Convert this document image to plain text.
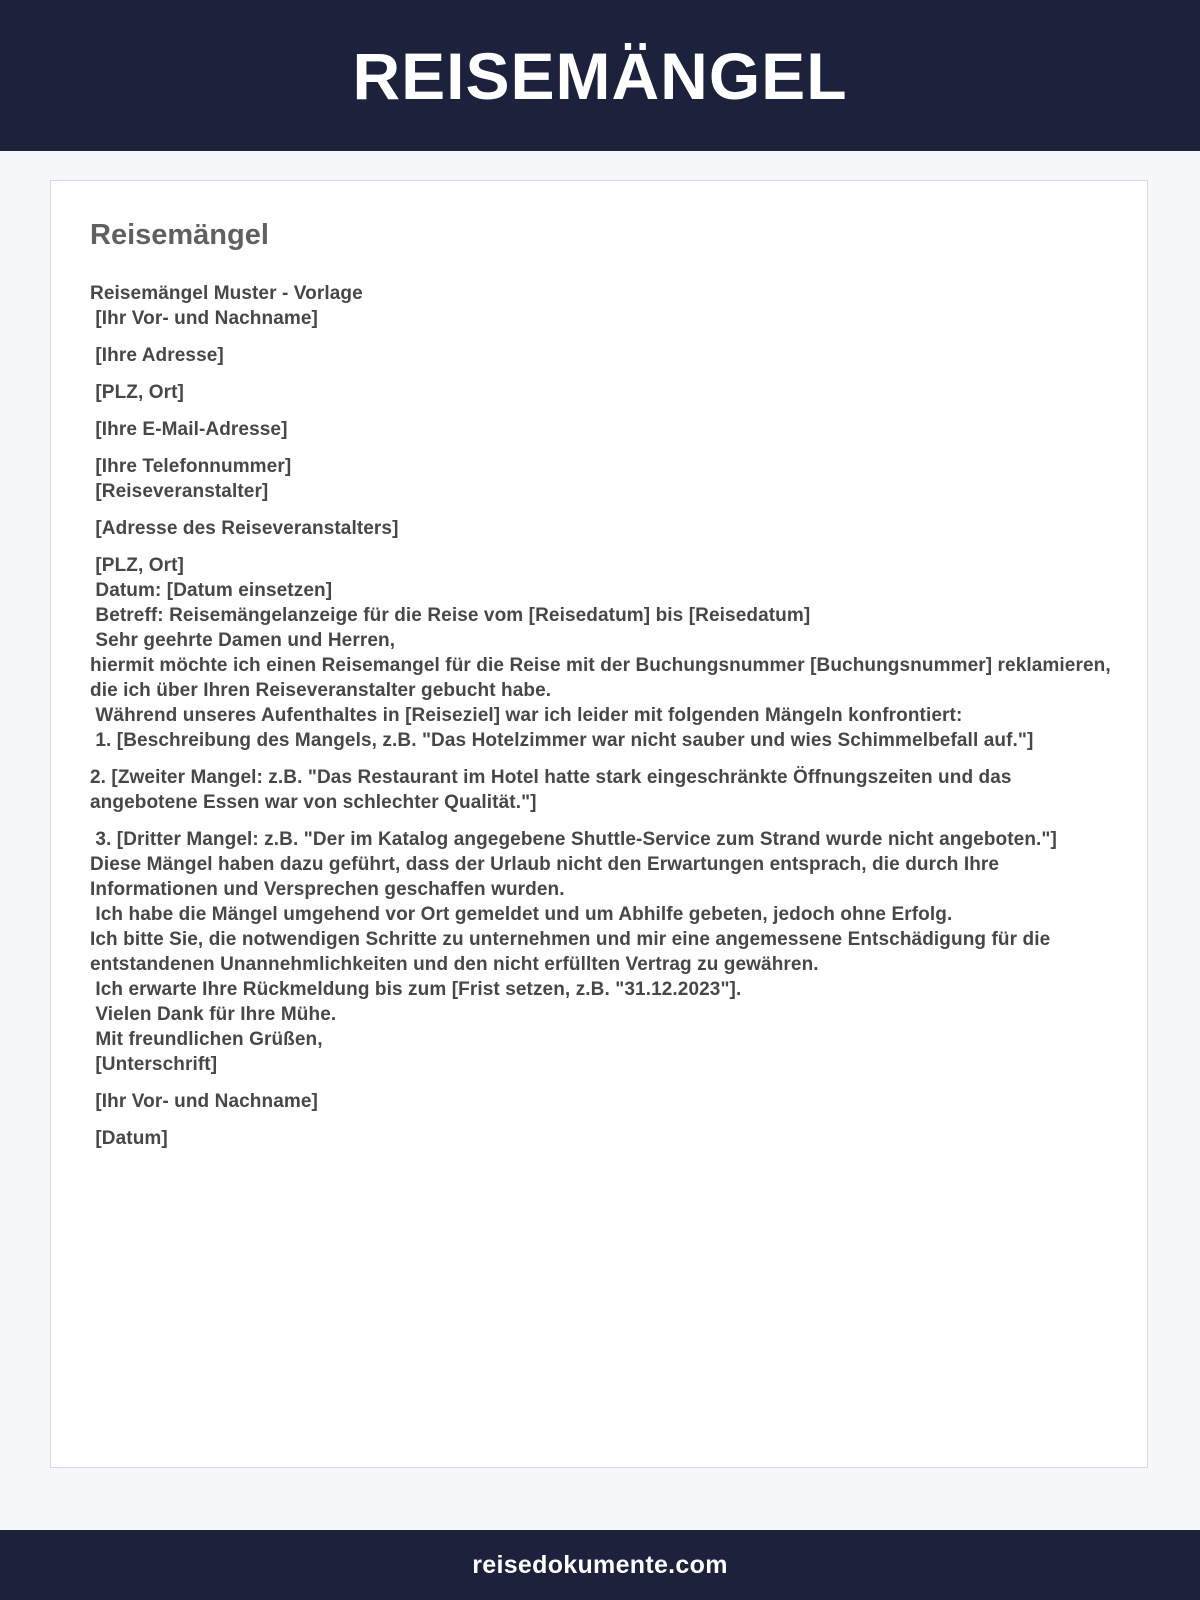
REISEMÄNGEL
Reisemängel
Reisemängel Muster - Vorlage
[Ihr Vor- und Nachname]
[Ihre Adresse]
[PLZ, Ort]
[Ihre E-Mail-Adresse]
[Ihre Telefonnummer]
[Reiseveranstalter]
[Adresse des Reiseveranstalters]
[PLZ, Ort]
Datum: [Datum einsetzen]
Betreff: Reisemängelanzeige für die Reise vom [Reisedatum] bis [Reisedatum]
Sehr geehrte Damen und Herren,
hiermit möchte ich einen Reisemangel für die Reise mit der Buchungsnummer [Buchungsnummer] reklamieren, die ich über Ihren Reiseveranstalter gebucht habe.
Während unseres Aufenthaltes in [Reiseziel] war ich leider mit folgenden Mängeln konfrontiert:
1. [Beschreibung des Mangels, z.B. "Das Hotelzimmer war nicht sauber und wies Schimmelbefall auf."]
2. [Zweiter Mangel: z.B. "Das Restaurant im Hotel hatte stark eingeschränkte Öffnungszeiten und das angebotene Essen war von schlechter Qualität."]
3. [Dritter Mangel: z.B. "Der im Katalog angegebene Shuttle-Service zum Strand wurde nicht angeboten."]
Diese Mängel haben dazu geführt, dass der Urlaub nicht den Erwartungen entsprach, die durch Ihre Informationen und Versprechen geschaffen wurden.
Ich habe die Mängel umgehend vor Ort gemeldet und um Abhilfe gebeten, jedoch ohne Erfolg.
Ich bitte Sie, die notwendigen Schritte zu unternehmen und mir eine angemessene Entschädigung für die entstandenen Unannehmlichkeiten und den nicht erfüllten Vertrag zu gewähren.
Ich erwarte Ihre Rückmeldung bis zum [Frist setzen, z.B. "31.12.2023"].
Vielen Dank für Ihre Mühe.
Mit freundlichen Grüßen,
[Unterschrift]
[Ihr Vor- und Nachname]
[Datum]
reisedokumente.com
